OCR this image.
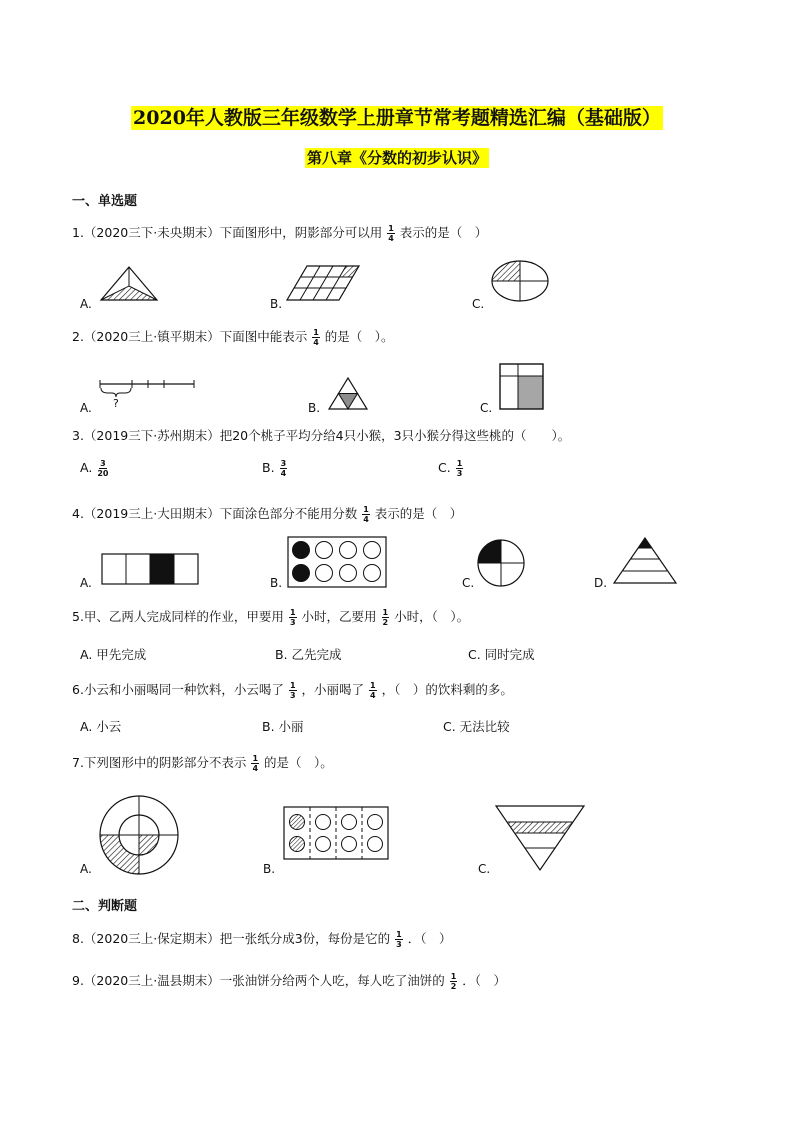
2020年人教版三年级数学上册章节常考题精选汇编（基础版）
第八章《分数的初步认识》
一、单选题
1.（2020三下·未央期末）下面图形中，阴影部分可以用 $\frac{1}{4}$ 表示的是（　）
A.	B.	C.
2.（2020三上·镇平期末）下面图中能表示 $\frac{1}{4}$ 的是（　）。
A. ?	B.	C.
3.（2019三下·苏州期末）把20个桃子平均分给4只小猴，3只小猴分得这些桃的（　　）。
A. $\frac{3}{20}$	B. $\frac{3}{4}$	C. $\frac{1}{3}$
4.（2019三上·大田期末）下面涂色部分不能用分数 $\frac{1}{4}$ 表示的是（　）
A.	B.	C.	D.
5.甲、乙两人完成同样的作业，甲要用 $\frac{1}{3}$ 小时，乙要用 $\frac{1}{2}$ 小时，（　）。
A. 甲先完成	B. 乙先完成	C. 同时完成
6.小云和小丽喝同一种饮料，小云喝了 $\frac{1}{3}$ ，小丽喝了 $\frac{1}{4}$ ，（　）的饮料剩的多。
A. 小云	B. 小丽	C. 无法比较
7.下列图形中的阴影部分不表示 $\frac{1}{4}$ 的是（　）。
A.	B.	C.
二、判断题
8.（2020三上·保定期末）把一张纸分成3份，每份是它的 $\frac{1}{3}$ ．（　）
9.（2020三上·温县期末）一张油饼分给两个人吃，每人吃了油饼的 $\frac{1}{2}$ ．（　）
